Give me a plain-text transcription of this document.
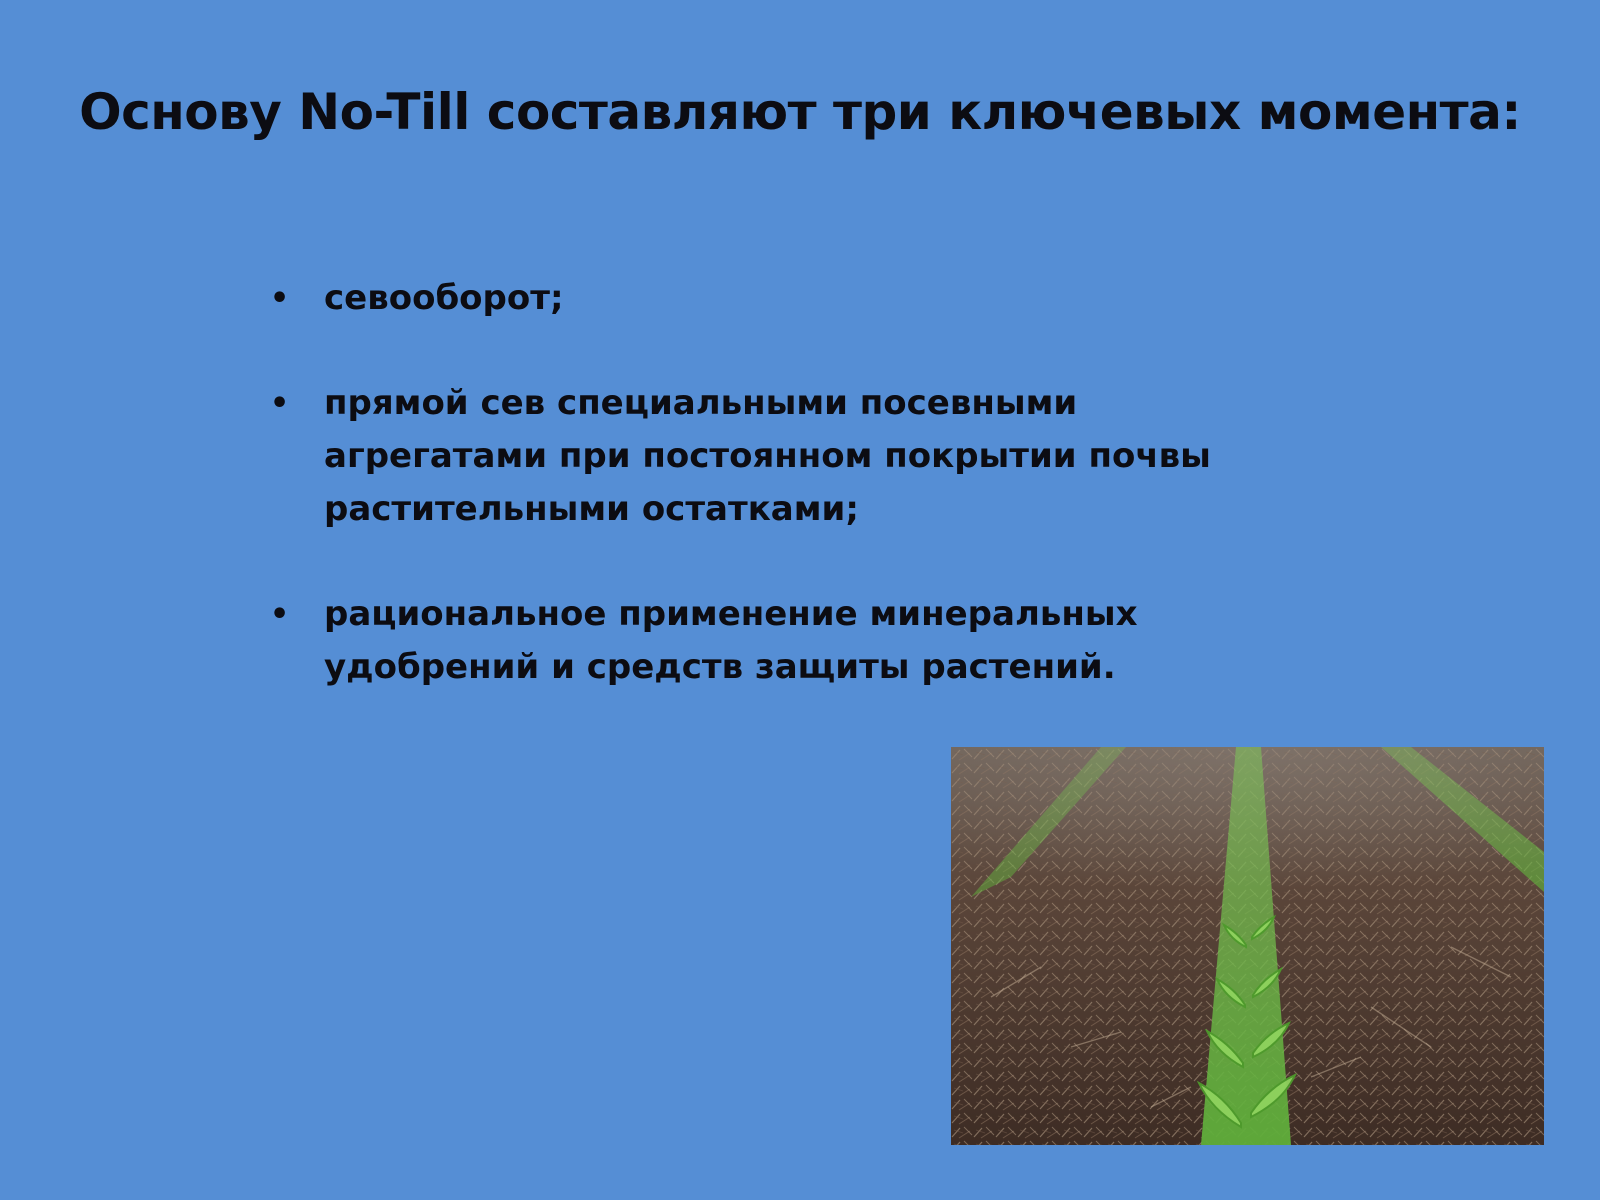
Основу No-Till составляют три ключевых момента:
• севооборот;
• прямой сев специальными посевными агрегатами при постоянном покрытии почвы растительными остатками;
• рациональное применение минеральных удобрений и средств защиты растений.
